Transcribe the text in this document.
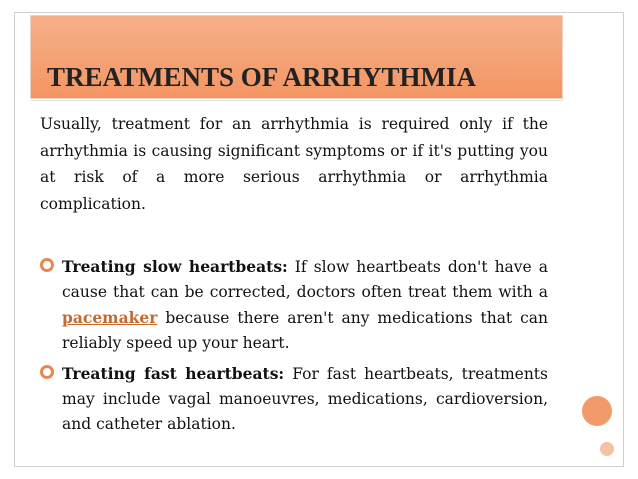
TREATMENTS OF ARRHYTHMIA

Usually, treatment for an arrhythmia is required only if the arrhythmia is causing significant symptoms or if it's putting you at risk of a more serious arrhythmia or arrhythmia complication.

Treating slow heartbeats: If slow heartbeats don't have a cause that can be corrected, doctors often treat them with a pacemaker because there aren't any medications that can reliably speed up your heart.

Treating fast heartbeats: For fast heartbeats, treatments may include vagal manoeuvres, medications, cardioversion, and catheter ablation.
